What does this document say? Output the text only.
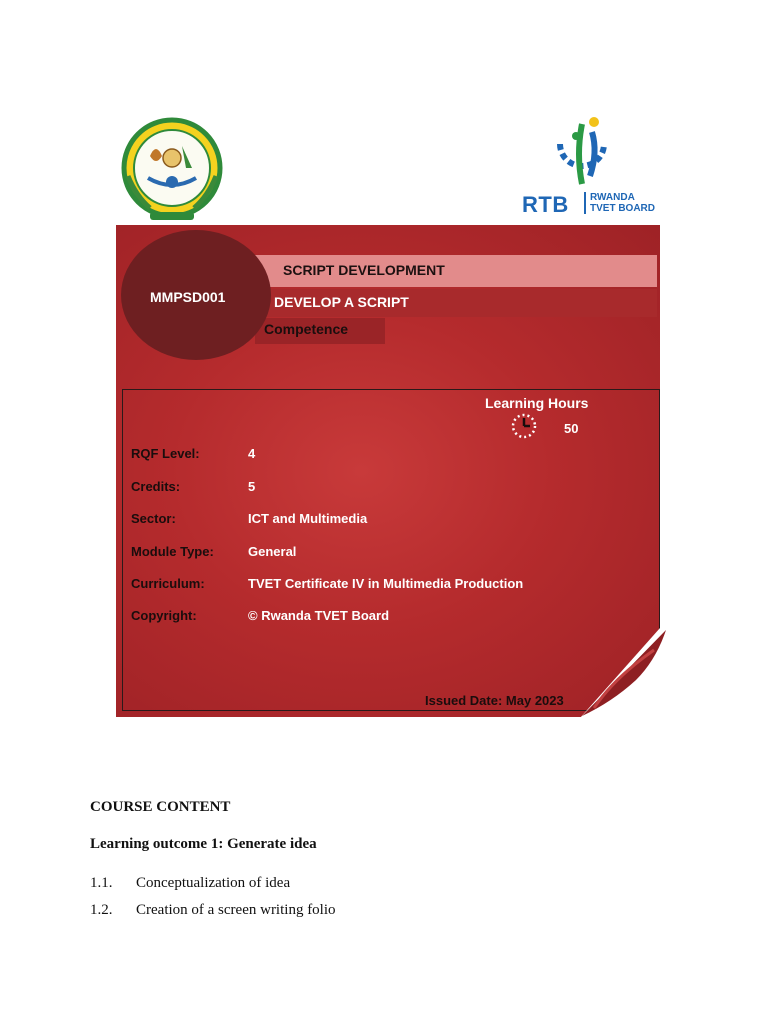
RTB RWANDA
TVET BOARD
MMPSD001
SCRIPT DEVELOPMENT
DEVELOP A SCRIPT
Competence
Learning Hours
50
RQF Level:	4
Credits:	5
Sector:	ICT and Multimedia
Module Type:	General
Curriculum:	TVET Certificate IV in Multimedia Production
Copyright:	© Rwanda TVET Board
Issued Date: May 2023
COURSE CONTENT
Learning outcome 1: Generate idea
1.1. Conceptualization of idea
1.2. Creation of a screen writing folio
